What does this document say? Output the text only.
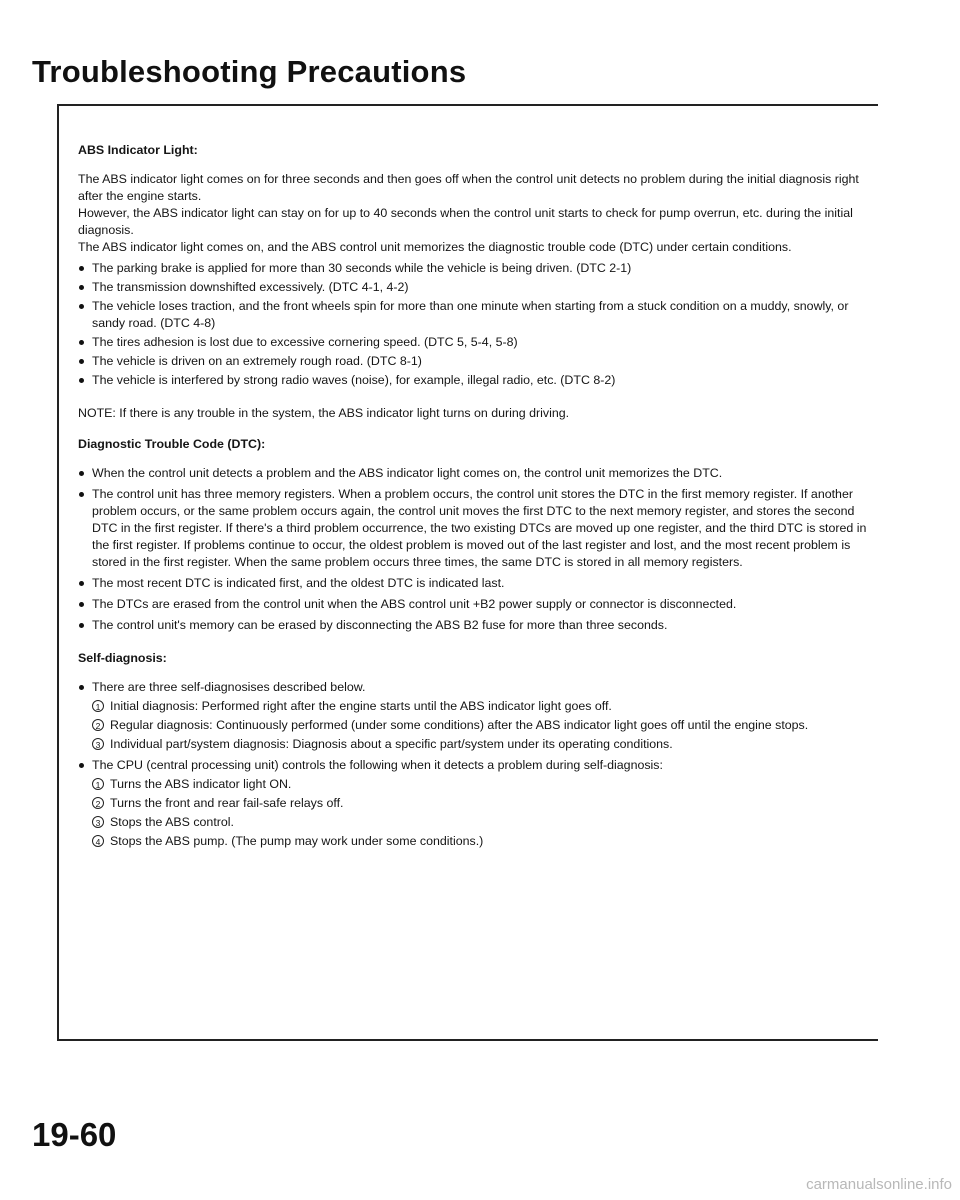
Troubleshooting Precautions
ABS Indicator Light:

The ABS indicator light comes on for three seconds and then goes off when the control unit detects no problem during the initial diagnosis right after the engine starts.

However, the ABS indicator light can stay on for up to 40 seconds when the control unit starts to check for pump overrun, etc. during the initial diagnosis.

The ABS indicator light comes on, and the ABS control unit memorizes the diagnostic trouble code (DTC) under certain conditions.

The parking brake is applied for more than 30 seconds while the vehicle is being driven. (DTC 2-1)
The transmission downshifted excessively. (DTC 4-1, 4-2)
The vehicle loses traction, and the front wheels spin for more than one minute when starting from a stuck condition on a muddy, snowly, or sandy road. (DTC 4-8)
The tires adhesion is lost due to excessive cornering speed. (DTC 5, 5-4, 5-8)
The vehicle is driven on an extremely rough road. (DTC 8-1)
The vehicle is interfered by strong radio waves (noise), for example, illegal radio, etc. (DTC 8-2)

NOTE: If there is any trouble in the system, the ABS indicator light turns on during driving.

Diagnostic Trouble Code (DTC):
When the control unit detects a problem and the ABS indicator light comes on, the control unit memorizes the DTC.
The control unit has three memory registers. When a problem occurs, the control unit stores the DTC in the first memory register. If another problem occurs, or the same problem occurs again, the control unit moves the first DTC to the next memory register, and stores the second DTC in the first register. If there's a third problem occurrence, the two existing DTCs are moved up one register, and the third DTC is stored in the first register. If problems continue to occur, the oldest problem is moved out of the last register and lost, and the most recent problem is stored in the first register. When the same problem occurs three times, the same DTC is stored in all memory registers.
The most recent DTC is indicated first, and the oldest DTC is indicated last.
The DTCs are erased from the control unit when the ABS control unit +B2 power supply or connector is disconnected.
The control unit's memory can be erased by disconnecting the ABS B2 fuse for more than three seconds.
Self-diagnosis:
There are three self-diagnosises described below.
1 Initial diagnosis: Performed right after the engine starts until the ABS indicator light goes off.
2 Regular diagnosis: Continuously performed (under some conditions) after the ABS indicator light goes off until the engine stops.
3 Individual part/system diagnosis: Diagnosis about a specific part/system under its operating conditions.
The CPU (central processing unit) controls the following when it detects a problem during self-diagnosis:
1 Turns the ABS indicator light ON.
2 Turns the front and rear fail-safe relays off.
3 Stops the ABS control.
4 Stops the ABS pump. (The pump may work under some conditions.)
19-60
carmanualsonline.info
